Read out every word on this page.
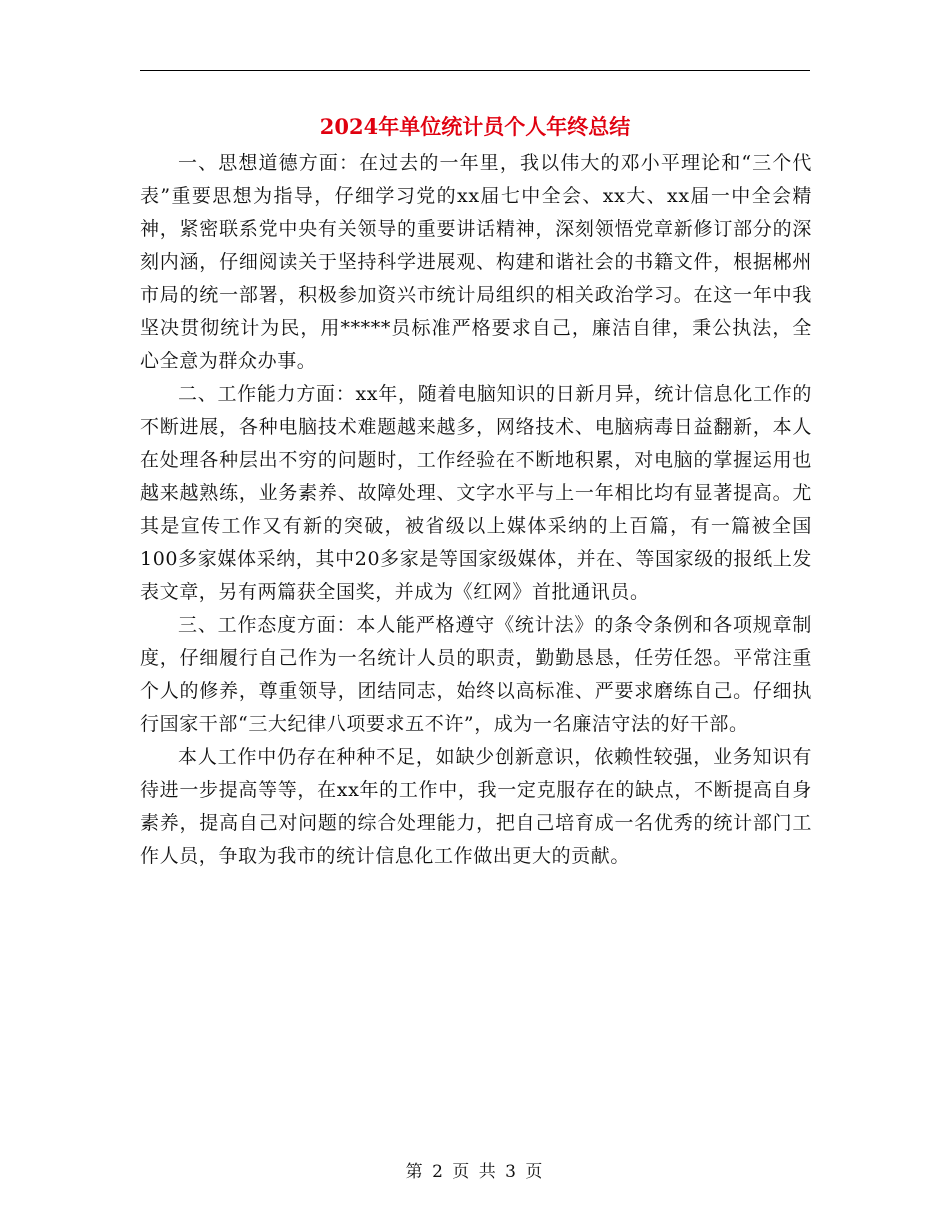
2024年单位统计员个人年终总结

一、思想道德方面：在过去的一年里，我以伟大的邓小平理论和“三个代表”重要思想为指导，仔细学习党的xx届七中全会、xx大、xx届一中全会精神，紧密联系党中央有关领导的重要讲话精神，深刻领悟党章新修订部分的深刻内涵，仔细阅读关于坚持科学进展观、构建和谐社会的书籍文件，根据郴州市局的统一部署，积极参加资兴市统计局组织的相关政治学习。在这一年中我坚决贯彻统计为民，用*****员标准严格要求自己，廉洁自律，秉公执法，全心全意为群众办事。

二、工作能力方面：xx年，随着电脑知识的日新月异，统计信息化工作的不断进展，各种电脑技术难题越来越多，网络技术、电脑病毒日益翻新，本人在处理各种层出不穷的问题时，工作经验在不断地积累，对电脑的掌握运用也越来越熟练，业务素养、故障处理、文字水平与上一年相比均有显著提高。尤其是宣传工作又有新的突破，被省级以上媒体采纳的上百篇，有一篇被全国100多家媒体采纳，其中20多家是等国家级媒体，并在、等国家级的报纸上发表文章，另有两篇获全国奖，并成为《红网》首批通讯员。

三、工作态度方面：本人能严格遵守《统计法》的条令条例和各项规章制度，仔细履行自己作为一名统计人员的职责，勤勤恳恳，任劳任怨。平常注重个人的修养，尊重领导，团结同志，始终以高标准、严要求磨练自己。仔细执行国家干部“三大纪律八项要求五不许”，成为一名廉洁守法的好干部。

本人工作中仍存在种种不足，如缺少创新意识，依赖性较强，业务知识有待进一步提高等等，在xx年的工作中，我一定克服存在的缺点，不断提高自身素养，提高自己对问题的综合处理能力，把自己培育成一名优秀的统计部门工作人员，争取为我市的统计信息化工作做出更大的贡献。

第 2 页 共 3 页
